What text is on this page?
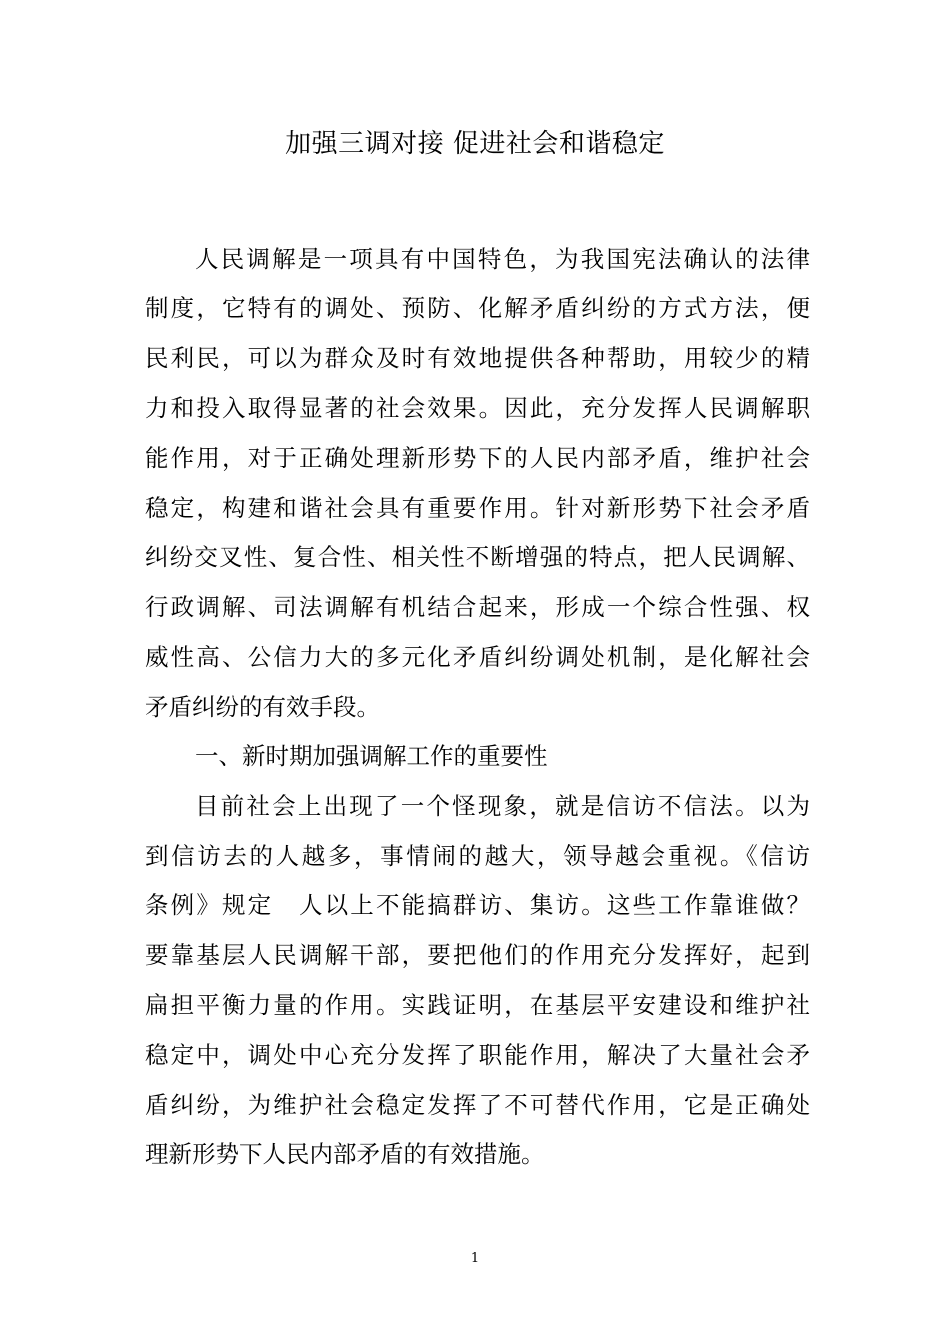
加强三调对接 促进社会和谐稳定
人民调解是一项具有中国特色，为我国宪法确认的法律
制度，它特有的调处、预防、化解矛盾纠纷的方式方法，便
民利民，可以为群众及时有效地提供各种帮助，用较少的精
力和投入取得显著的社会效果。因此，充分发挥人民调解职
能作用，对于正确处理新形势下的人民内部矛盾，维护社会
稳定，构建和谐社会具有重要作用。针对新形势下社会矛盾
纠纷交叉性、复合性、相关性不断增强的特点，把人民调解、
行政调解、司法调解有机结合起来，形成一个综合性强、权
威性高、公信力大的多元化矛盾纠纷调处机制，是化解社会
矛盾纠纷的有效手段。
一、新时期加强调解工作的重要性
目前社会上出现了一个怪现象，就是信访不信法。以为
到信访去的人越多，事情闹的越大，领导越会重视。《信访
条例》规定　人以上不能搞群访、集访。这些工作靠谁做？
要靠基层人民调解干部，要把他们的作用充分发挥好，起到
扁担平衡力量的作用。实践证明，在基层平安建设和维护社
稳定中，调处中心充分发挥了职能作用，解决了大量社会矛
盾纠纷，为维护社会稳定发挥了不可替代作用，它是正确处
理新形势下人民内部矛盾的有效措施。
1
